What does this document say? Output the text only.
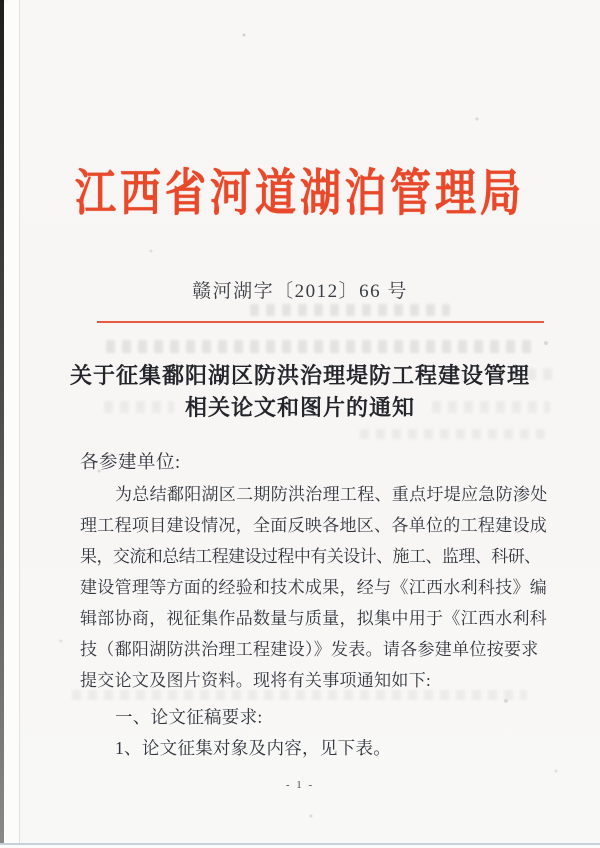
江西省河道湖泊管理局
赣河湖字〔2012〕66 号
关于征集鄱阳湖区防洪治理堤防工程建设管理
相关论文和图片的通知
各参建单位:
为总结鄱阳湖区二期防洪治理工程、重点圩堤应急防渗处
理工程项目建设情况，全面反映各地区、各单位的工程建设成
果，交流和总结工程建设过程中有关设计、施工、监理、科研、
建设管理等方面的经验和技术成果，经与《江西水利科技》编
辑部协商，视征集作品数量与质量，拟集中用于《江西水利科
技（鄱阳湖防洪治理工程建设）》发表。请各参建单位按要求
提交论文及图片资料。现将有关事项通知如下:
一、论文征稿要求:
1、论文征集对象及内容，见下表。
- 1 -
